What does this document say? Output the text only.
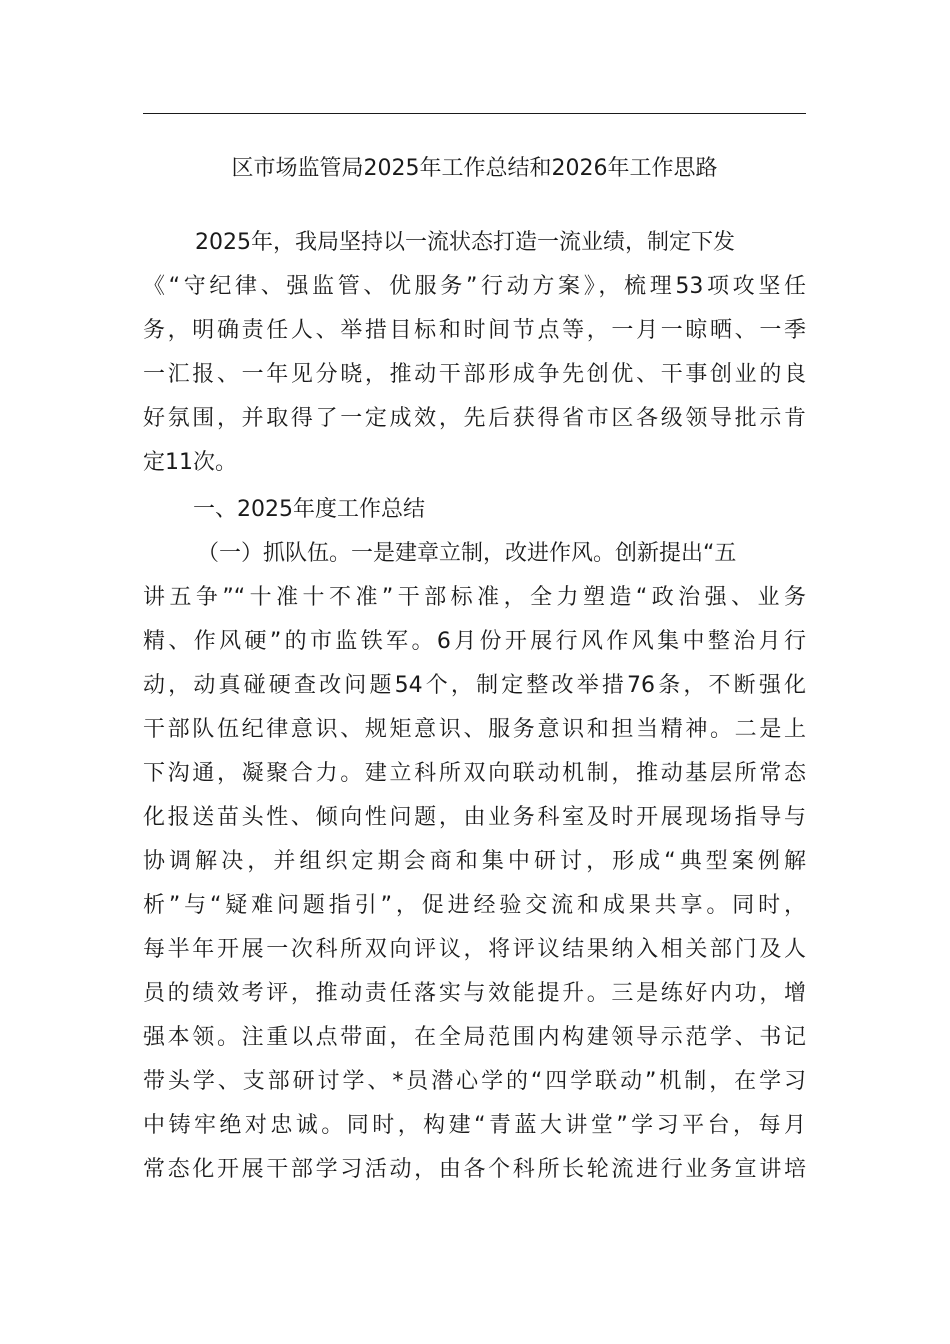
区市场监管局2025年工作总结和2026年工作思路
2025年，我局坚持以一流状态打造一流业绩，制定下发
《“守纪律、强监管、优服务”行动方案》，梳理53项攻坚任
务，明确责任人、举措目标和时间节点等，一月一晾晒、一季
一汇报、一年见分晓，推动干部形成争先创优、干事创业的良
好氛围，并取得了一定成效，先后获得省市区各级领导批示肯
定11次。
一、2025年度工作总结
（一）抓队伍。一是建章立制，改进作风。创新提出“五
讲五争”“十准十不准”干部标准，全力塑造“政治强、业务
精、作风硬”的市监铁军。6月份开展行风作风集中整治月行
动，动真碰硬查改问题54个，制定整改举措76条，不断强化
干部队伍纪律意识、规矩意识、服务意识和担当精神。二是上
下沟通，凝聚合力。建立科所双向联动机制，推动基层所常态
化报送苗头性、倾向性问题，由业务科室及时开展现场指导与
协调解决，并组织定期会商和集中研讨，形成“典型案例解
析”与“疑难问题指引”，促进经验交流和成果共享。同时，
每半年开展一次科所双向评议，将评议结果纳入相关部门及人
员的绩效考评，推动责任落实与效能提升。三是练好内功，增
强本领。注重以点带面，在全局范围内构建领导示范学、书记
带头学、支部研讨学、*员潜心学的“四学联动”机制，在学习
中铸牢绝对忠诚。同时，构建“青蓝大讲堂”学习平台，每月
常态化开展干部学习活动，由各个科所长轮流进行业务宣讲培
